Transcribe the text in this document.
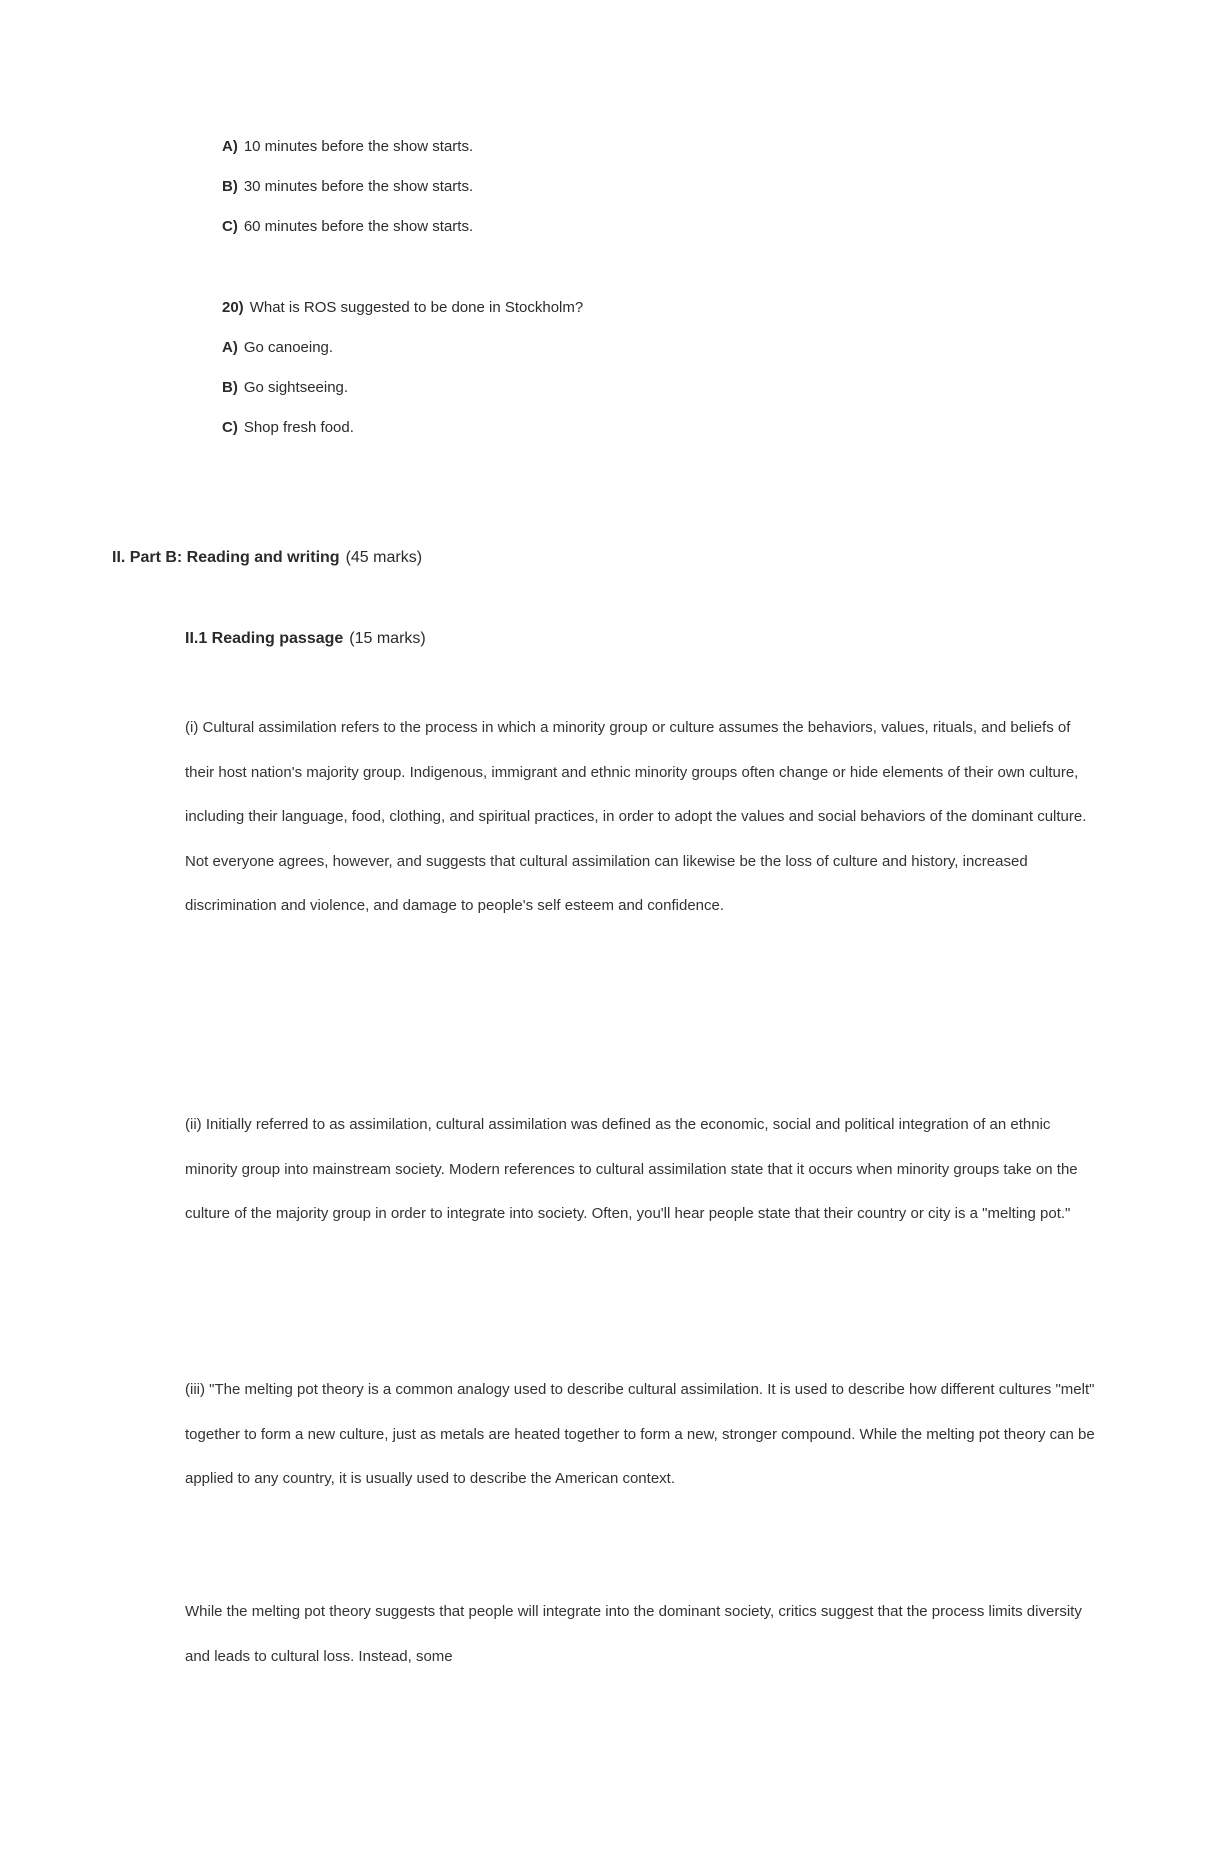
A) 10 minutes before the show starts.
B) 30 minutes before the show starts.
C) 60 minutes before the show starts.
20) What is ROS suggested to be done in Stockholm?
A) Go canoeing.
B) Go sightseeing.
C) Shop fresh food.
II. Part B: Reading and writing (45 marks)
II.1 Reading passage (15 marks)

(i) Cultural assimilation refers to the process in which a minority group or culture assumes the behaviors, values, rituals, and beliefs of their host nation's majority group. Indigenous, immigrant and ethnic minority groups often change or hide elements of their own culture, including their language, food, clothing, and spiritual practices, in order to adopt the values and social behaviors of the dominant culture. Not everyone agrees, however, and suggests that cultural assimilation can likewise be the loss of culture and history, increased discrimination and violence, and damage to people's self esteem and confidence.

(ii) Initially referred to as assimilation, cultural assimilation was defined as the economic, social and political integration of an ethnic minority group into mainstream society. Modern references to cultural assimilation state that it occurs when minority groups take on the culture of the majority group in order to integrate into society. Often, you'll hear people state that their country or city is a "melting pot."

(iii) "The melting pot theory is a common analogy used to describe cultural assimilation. It is used to describe how different cultures "melt" together to form a new culture, just as metals are heated together to form a new, stronger compound. While the melting pot theory can be applied to any country, it is usually used to describe the American context.

While the melting pot theory suggests that people will integrate into the dominant society, critics suggest that the process limits diversity and leads to cultural loss. Instead, some
